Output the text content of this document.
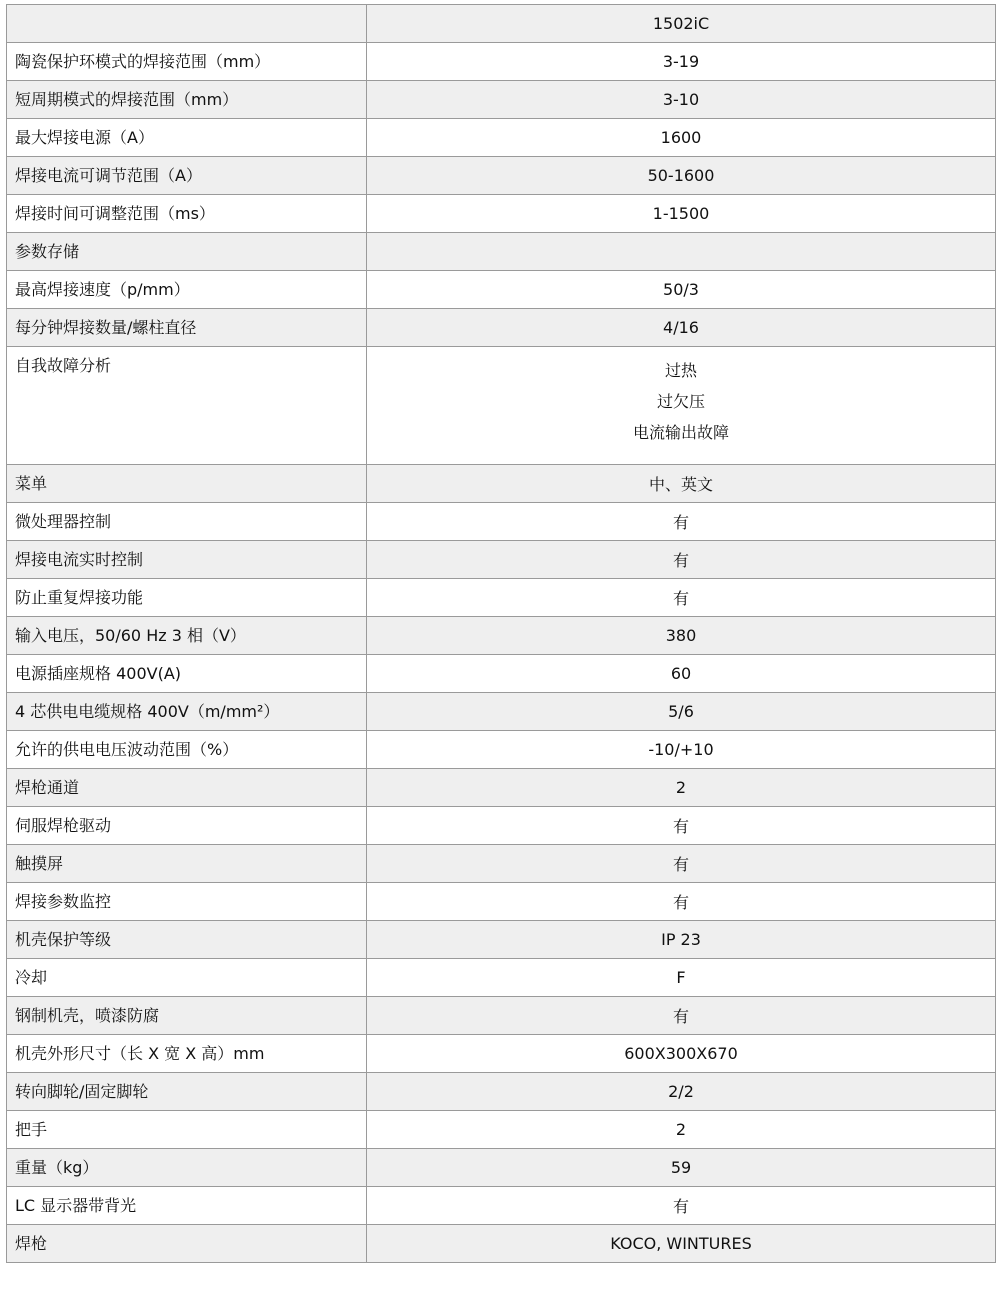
	1502iC
陶瓷保护环模式的焊接范围（mm）	3-19
短周期模式的焊接范围（mm）	3-10
最大焊接电源（A）	1600
焊接电流可调节范围（A）	50-1600
焊接时间可调整范围（ms）	1-1500
参数存储	
最高焊接速度（p/mm）	50/3
每分钟焊接数量/螺柱直径	4/16
自我故障分析	过热
过欠压
电流输出故障

菜单	中、英文
微处理器控制	有
焊接电流实时控制	有
防止重复焊接功能	有
输入电压，50/60 Hz 3 相（V）	380
电源插座规格 400V(A)	60
4 芯供电电缆规格 400V（m/mm²）	5/6
允许的供电电压波动范围（%）	-10/+10
焊枪通道	2
伺服焊枪驱动	有
触摸屏	有
焊接参数监控	有
机壳保护等级	IP 23
冷却	F
钢制机壳，喷漆防腐	有
机壳外形尺寸（长 X 宽 X 高）mm	600X300X670
转向脚轮/固定脚轮	2/2
把手	2
重量（kg）	59
LC 显示器带背光	有
焊枪	KOCO, WINTURES
